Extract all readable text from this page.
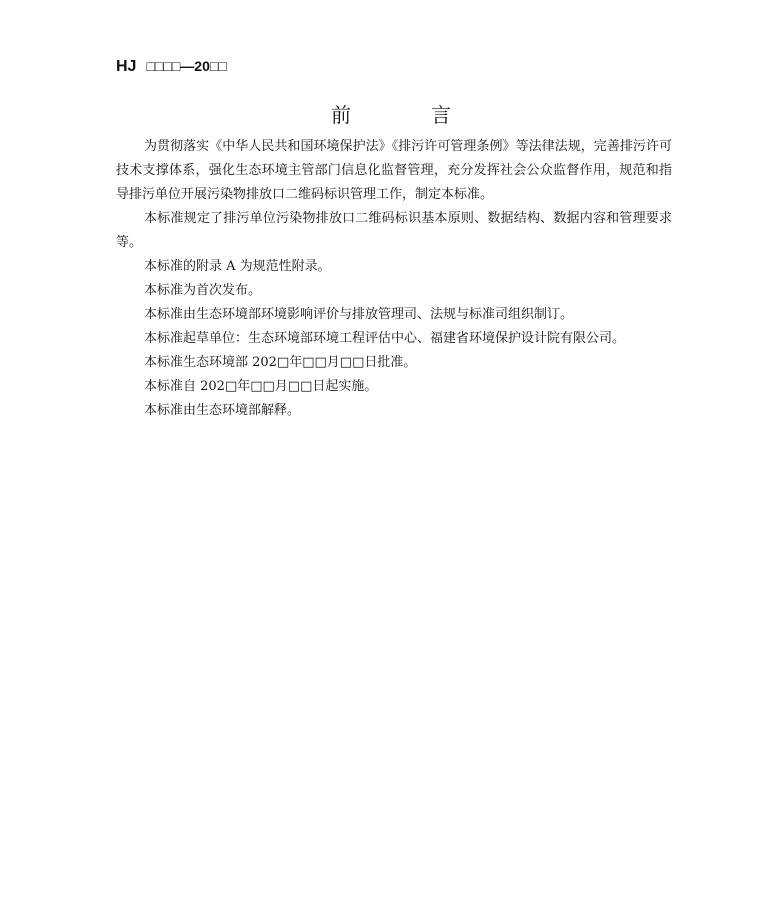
HJ □□□□—20□□
前　言

为贯彻落实《中华人民共和国环境保护法》《排污许可管理条例》等法律法规，完善排污许可技术支撑体系，强化生态环境主管部门信息化监督管理，充分发挥社会公众监督作用，规范和指导排污单位开展污染物排放口二维码标识管理工作，制定本标准。

本标准规定了排污单位污染物排放口二维码标识基本原则、数据结构、数据内容和管理要求等。

本标准的附录 A 为规范性附录。

本标准为首次发布。

本标准由生态环境部环境影响评价与排放管理司、法规与标准司组织制订。

本标准起草单位：生态环境部环境工程评估中心、福建省环境保护设计院有限公司。

本标准生态环境部 202□年□□月□□日批准。

本标准自 202□年□□月□□日起实施。

本标准由生态环境部解释。
